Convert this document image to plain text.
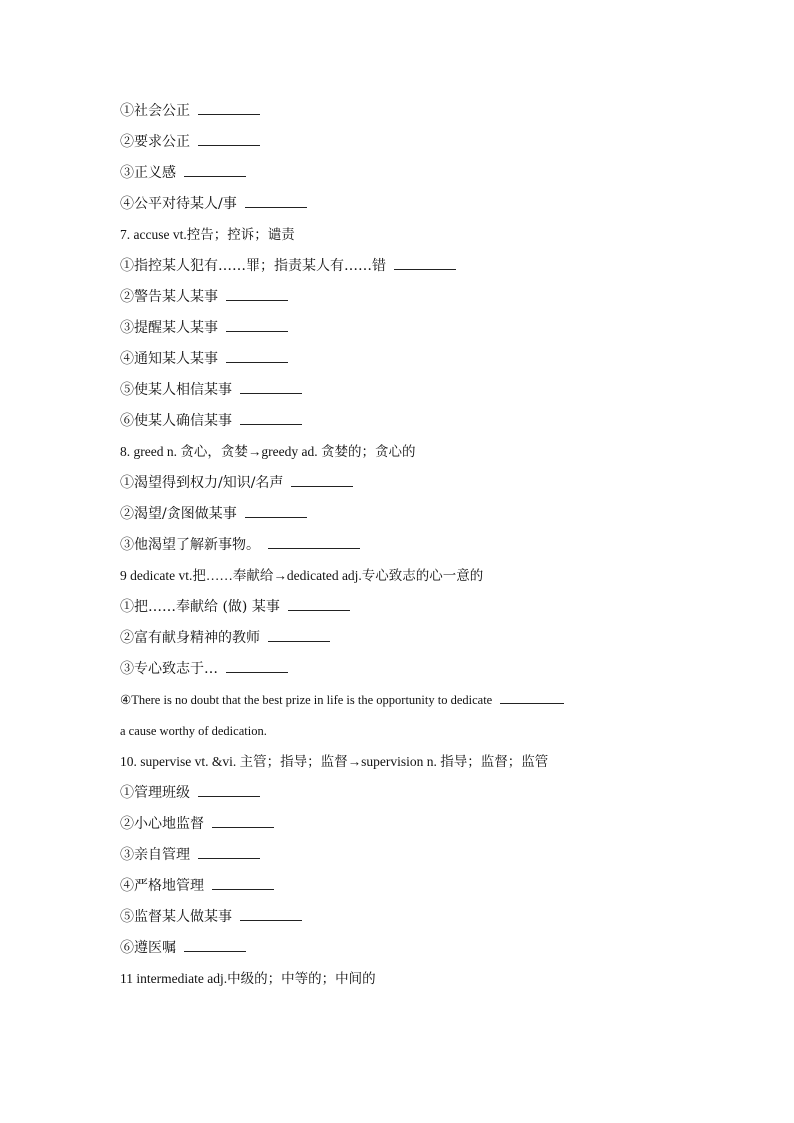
①社会公正
②要求公正
③正义感
④公平对待某人/事
7. accuse vt.控告；控诉；谴责
①指控某人犯有……罪；指责某人有……错
②警告某人某事
③提醒某人某事
④通知某人某事
⑤使某人相信某事
⑥使某人确信某事
8. greed n. 贪心，贪婪→greedy ad. 贪婪的；贪心的
①渴望得到权力/知识/名声
②渴望/贪图做某事
③他渴望了解新事物。
9 dedicate vt.把……奉献给→dedicated adj.专心致志的心一意的
①把……奉献给 (做) 某事
②富有献身精神的教师
③专心致志于…
④There is no doubt that the best prize in life is the opportunity to dedicate
a cause worthy of dedication.
10. supervise vt. &vi. 主管；指导；监督→supervision n. 指导；监督；监管
①管理班级
②小心地监督
③亲自管理
④严格地管理
⑤监督某人做某事
⑥遵医嘱
11 intermediate adj.中级的；中等的；中间的
